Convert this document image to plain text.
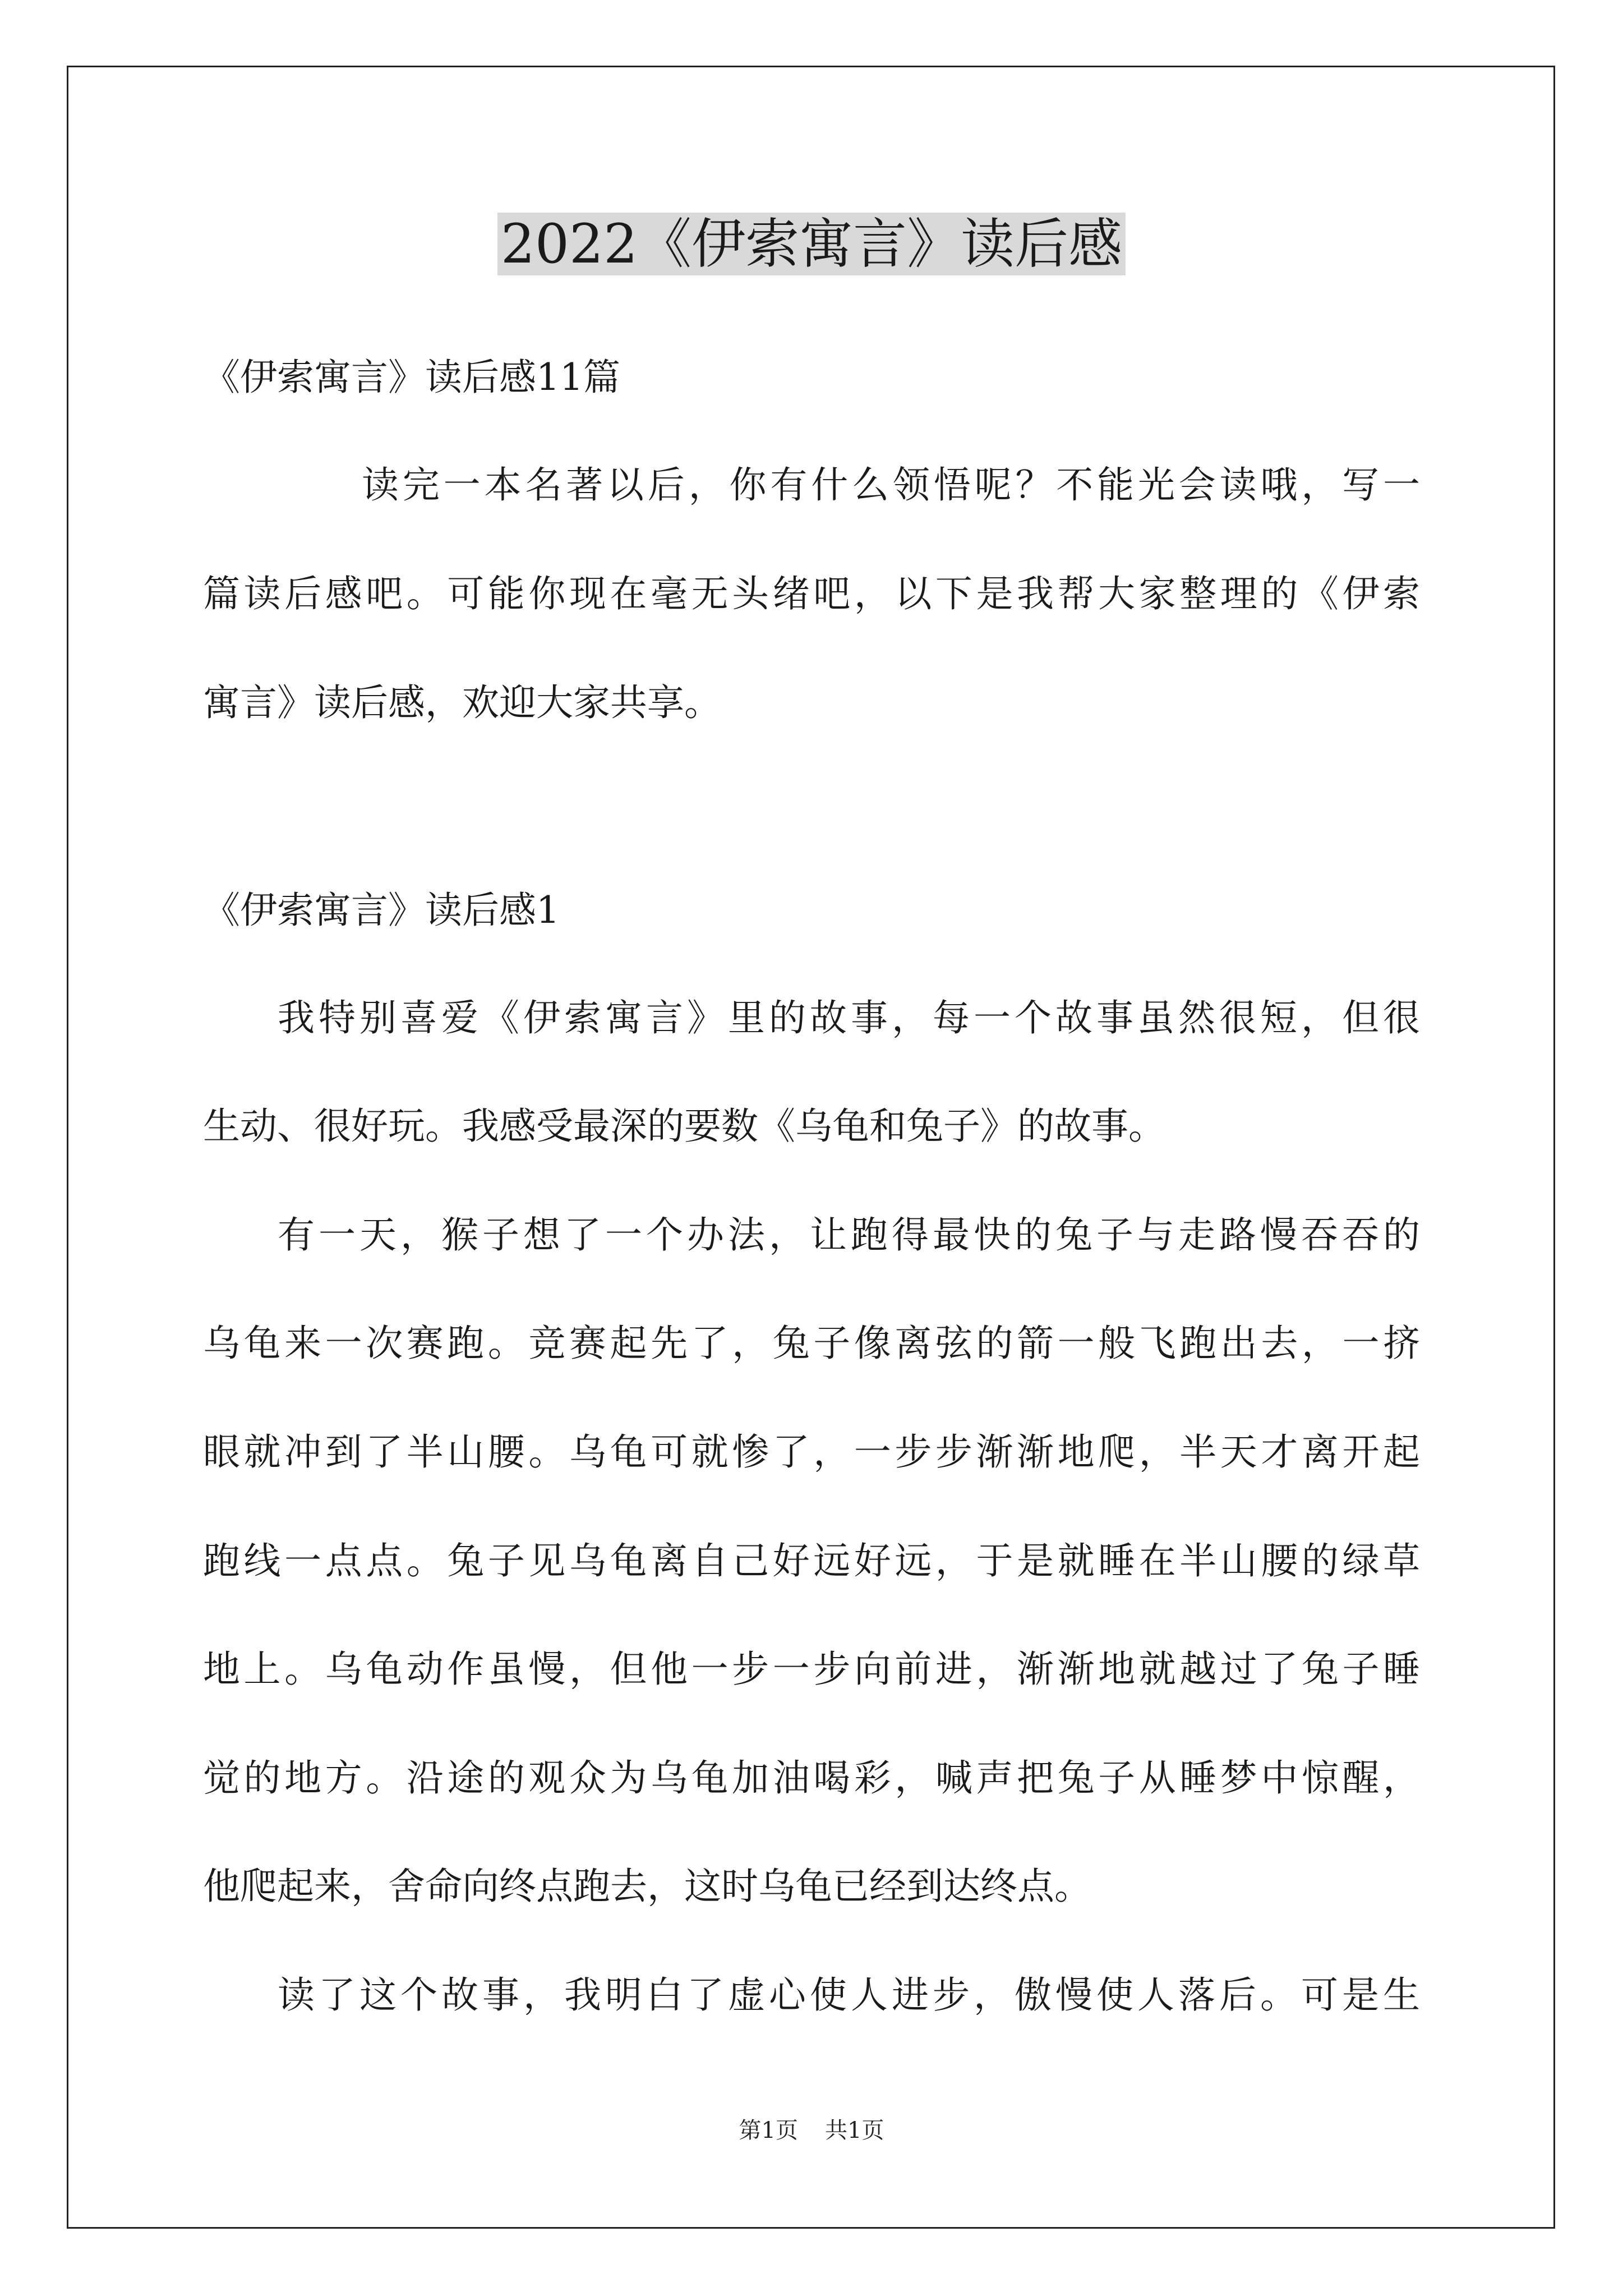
2022《伊索寓言》读后感
《伊索寓言》读后感11篇
读完一本名著以后，你有什么领悟呢？不能光会读哦，写一
篇读后感吧。可能你现在毫无头绪吧，以下是我帮大家整理的《伊索
寓言》读后感，欢迎大家共享。
《伊索寓言》读后感1
我特别喜爱《伊索寓言》里的故事，每一个故事虽然很短，但很
生动、很好玩。我感受最深的要数《乌龟和兔子》的故事。
有一天，猴子想了一个办法，让跑得最快的兔子与走路慢吞吞的
乌龟来一次赛跑。竞赛起先了，兔子像离弦的箭一般飞跑出去，一挤
眼就冲到了半山腰。乌龟可就惨了，一步步渐渐地爬，半天才离开起
跑线一点点。兔子见乌龟离自己好远好远，于是就睡在半山腰的绿草
地上。乌龟动作虽慢，但他一步一步向前进，渐渐地就越过了兔子睡
觉的地方。沿途的观众为乌龟加油喝彩，喊声把兔子从睡梦中惊醒，
他爬起来，舍命向终点跑去，这时乌龟已经到达终点。
读了这个故事，我明白了虚心使人进步，傲慢使人落后。可是生
第1页 共1页
